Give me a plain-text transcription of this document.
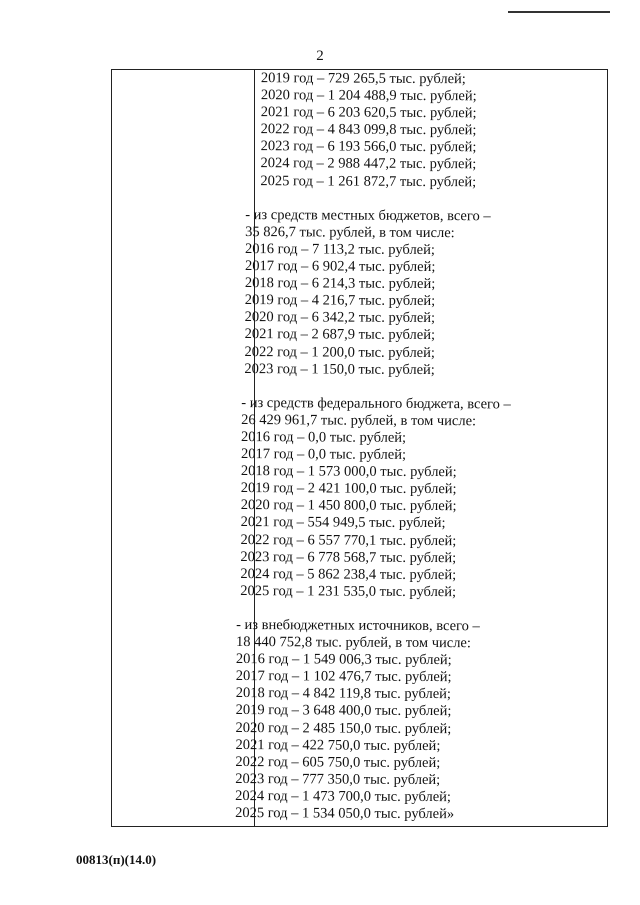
2
2019 год – 729 265,5 тыс. рублей;
2020 год – 1 204 488,9 тыс. рублей;
2021 год – 6 203 620,5 тыс. рублей;
2022 год – 4 843 099,8 тыс. рублей;
2023 год – 6 193 566,0 тыс. рублей;
2024 год – 2 988 447,2 тыс. рублей;
2025 год – 1 261 872,7 тыс. рублей;
- из средств местных бюджетов, всего –
35 826,7 тыс. рублей, в том числе:
2016 год – 7 113,2 тыс. рублей;
2017 год – 6 902,4 тыс. рублей;
2018 год – 6 214,3 тыс. рублей;
2019 год – 4 216,7 тыс. рублей;
2020 год – 6 342,2 тыс. рублей;
2021 год – 2 687,9 тыс. рублей;
2022 год – 1 200,0 тыс. рублей;
2023 год – 1 150,0 тыс. рублей;
- из средств федерального бюджета, всего –
26 429 961,7 тыс. рублей, в том числе:
2016 год – 0,0 тыс. рублей;
2017 год – 0,0 тыс. рублей;
2018 год – 1 573 000,0 тыс. рублей;
2019 год – 2 421 100,0 тыс. рублей;
2020 год – 1 450 800,0 тыс. рублей;
2021 год – 554 949,5 тыс. рублей;
2022 год – 6 557 770,1 тыс. рублей;
2023 год – 6 778 568,7 тыс. рублей;
2024 год – 5 862 238,4 тыс. рублей;
2025 год – 1 231 535,0 тыс. рублей;
- из внебюджетных источников, всего –
18 440 752,8 тыс. рублей, в том числе:
2016 год – 1 549 006,3 тыс. рублей;
2017 год – 1 102 476,7 тыс. рублей;
2018 год – 4 842 119,8 тыс. рублей;
2019 год – 3 648 400,0 тыс. рублей;
2020 год – 2 485 150,0 тыс. рублей;
2021 год – 422 750,0 тыс. рублей;
2022 год – 605 750,0 тыс. рублей;
2023 год – 777 350,0 тыс. рублей;
2024 год – 1 473 700,0 тыс. рублей;
2025 год – 1 534 050,0 тыс. рублей»
00813(п)(14.0)
